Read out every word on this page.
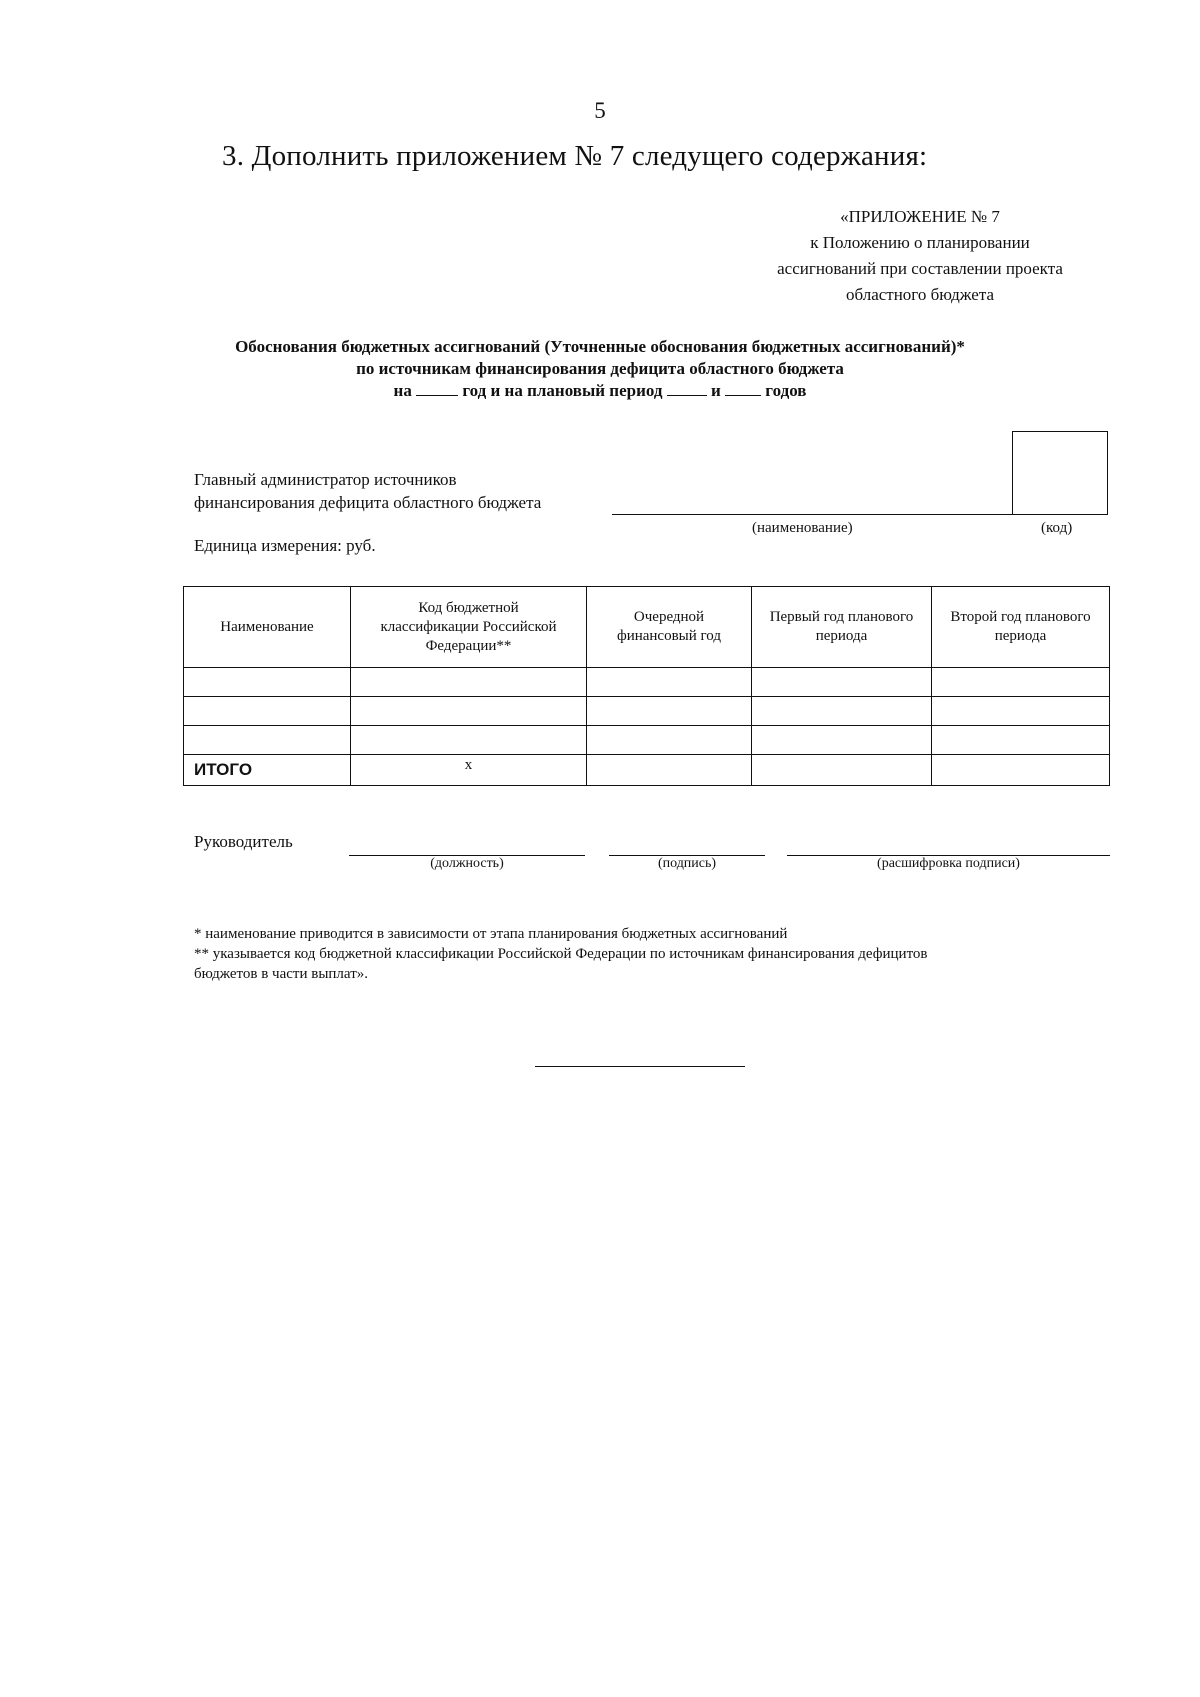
5
3. Дополнить приложением № 7 следущего содержания:
«ПРИЛОЖЕНИЕ № 7
к Положению о планировании
ассигнований при составлении проекта
областного бюджета
Обоснования бюджетных ассигнований (Уточненные обоснования бюджетных ассигнований)*
по источникам финансирования дефицита областного бюджета
на	год и на плановый период	и	годов
Главный администратор источников
финансирования дефицита областного бюджета
(наименование)	(код)
Единица измерения: руб.
Наименование	Код бюджетной классификации Российской Федерации**	Очередной финансовый год	Первый год планового периода	Второй год планового периода

ИТОГО	х			
Руководитель
(должность)	(подпись)	(расшифровка подписи)
* наименование приводится в зависимости от этапа планирования бюджетных ассигнований
** указывается код бюджетной классификации Российской Федерации по источникам финансирования дефицитов
бюджетов в части выплат».
